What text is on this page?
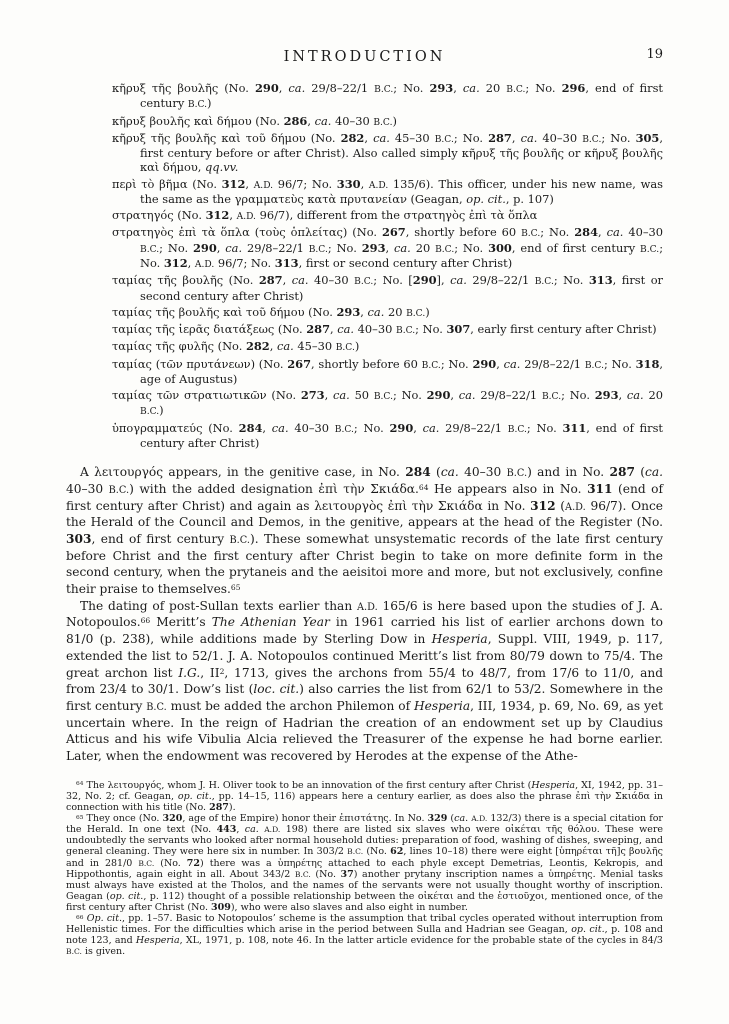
INTRODUCTION	19

κῆρυξ τῆς βουλῆς (No. 290, ca. 29/8–22/1 B.C.; No. 293, ca. 20 B.C.; No. 296, end of first century B.C.)

κῆρυξ βουλῆς καὶ δήμου (No. 286, ca. 40–30 B.C.)

κῆρυξ τῆς βουλῆς καὶ τοῦ δήμου (No. 282, ca. 45–30 B.C.; No. 287, ca. 40–30 B.C.; No. 305, first century before or after Christ). Also called simply κῆρυξ τῆς βουλῆς or κῆρυξ βουλῆς καὶ δήμου, qq.vv.

περὶ τὸ βῆμα (No. 312, A.D. 96/7; No. 330, A.D. 135/6). This officer, under his new name, was the same as the γραμματεὺς κατὰ πρυτανείαν (Geagan, op. cit., p. 107)

στρατηγός (No. 312, A.D. 96/7), different from the στρατηγὸς ἐπὶ τὰ ὅπλα

στρατηγὸς ἐπὶ τὰ ὅπλα (τοὺς ὁπλείτας) (No. 267, shortly before 60 B.C.; No. 284, ca. 40–30 B.C.; No. 290, ca. 29/8–22/1 B.C.; No. 293, ca. 20 B.C.; No. 300, end of first century B.C.; No. 312, A.D. 96/7; No. 313, first or second century after Christ)

ταμίας τῆς βουλῆς (No. 287, ca. 40–30 B.C.; No. [290], ca. 29/8–22/1 B.C.; No. 313, first or second century after Christ)

ταμίας τῆς βουλῆς καὶ τοῦ δήμου (No. 293, ca. 20 B.C.)

ταμίας τῆς ἱερᾶς διατάξεως (No. 287, ca. 40–30 B.C.; No. 307, early first century after Christ)

ταμίας τῆς φυλῆς (No. 282, ca. 45–30 B.C.)

ταμίας (τῶν πρυτάνεων) (No. 267, shortly before 60 B.C.; No. 290, ca. 29/8–22/1 B.C.; No. 318, age of Augustus)

ταμίας τῶν στρατιωτικῶν (No. 273, ca. 50 B.C.; No. 290, ca. 29/8–22/1 B.C.; No. 293, ca. 20 B.C.)

ὑπογραμματεύς (No. 284, ca. 40–30 B.C.; No. 290, ca. 29/8–22/1 B.C.; No. 311, end of first century after Christ)

A λειτουργός appears, in the genitive case, in No. 284 (ca. 40–30 B.C.) and in No. 287 (ca. 40–30 B.C.) with the added designation ἐπὶ τὴν Σκιάδα.$^{64}$ He appears also in No. 311 (end of first century after Christ) and again as λειτουργὸς ἐπὶ τὴν Σκιάδα in No. 312 (A.D. 96/7). Once the Herald of the Council and Demos, in the genitive, appears at the head of the Register (No. 303, end of first century B.C.). These somewhat unsystematic records of the late first century before Christ and the first century after Christ begin to take on more definite form in the second century, when the prytaneis and the aeisitoi more and more, but not exclusively, confine their praise to themselves.$^{65}$

The dating of post-Sullan texts earlier than A.D. 165/6 is here based upon the studies of J. A. Notopoulos.$^{66}$ Meritt’s The Athenian Year in 1961 carried his list of earlier archons down to 81/0 (p. 238), while additions made by Sterling Dow in Hesperia, Suppl. VIII, 1949, p. 117, extended the list to 52/1. J. A. Notopoulos continued Meritt’s list from 80/79 down to 75/4. The great archon list I.G., $II^2$, 1713, gives the archons from 55/4 to 48/7, from 17/6 to 11/0, and from 23/4 to 30/1. Dow’s list (loc. cit.) also carries the list from 62/1 to 53/2. Somewhere in the first century B.C. must be added the archon Philemon of Hesperia, III, 1934, p. 69, No. 69, as yet uncertain where. In the reign of Hadrian the creation of an endowment set up by Claudius Atticus and his wife Vibulia Alcia relieved the Treasurer of the expense he had borne earlier. Later, when the endowment was recovered by Herodes at the expense of the Athe-

$^{64}$ The λειτουργός, whom J. H. Oliver took to be an innovation of the first century after Christ (Hesperia, XI, 1942, pp. 31–32, No. 2; cf. Geagan, op. cit., pp. 14–15, 116) appears here a century earlier, as does also the phrase ἐπὶ τὴν Σκιάδα in connection with his title (No. 287).

$^{65}$ They once (No. 320, age of the Empire) honor their ἐπιστάτης. In No. 329 (ca. A.D. 132/3) there is a special citation for the Herald. In one text (No. 443, ca. A.D. 198) there are listed six slaves who were οἰκέται τῆς θόλου. These were undoubtedly the servants who looked after normal household duties: preparation of food, washing of dishes, sweeping, and general cleaning. They were here six in number. In 303/2 B.C. (No. 62, lines 10–18) there were eight [ὑπηρέται τῆ]ς βουλῆς and in 281/0 B.C. (No. 72) there was a ὑπηρέτης attached to each phyle except Demetrias, Leontis, Kekropis, and Hippothontis, again eight in all. About 343/2 B.C. (No. 37) another prytany inscription names a ὑπηρέτης. Menial tasks must always have existed at the Tholos, and the names of the servants were not usually thought worthy of inscription. Geagan (op. cit., p. 112) thought of a possible relationship between the οἰκέται and the ἑστιοῦχοι, mentioned once, of the first century after Christ (No. 309), who were also slaves and also eight in number.

$^{66}$ Op. cit., pp. 1–57. Basic to Notopoulos’ scheme is the assumption that tribal cycles operated without interruption from Hellenistic times. For the difficulties which arise in the period between Sulla and Hadrian see Geagan, op. cit., p. 108 and note 123, and Hesperia, XL, 1971, p. 108, note 46. In the latter article evidence for the probable state of the cycles in 84/3 B.C. is given.
